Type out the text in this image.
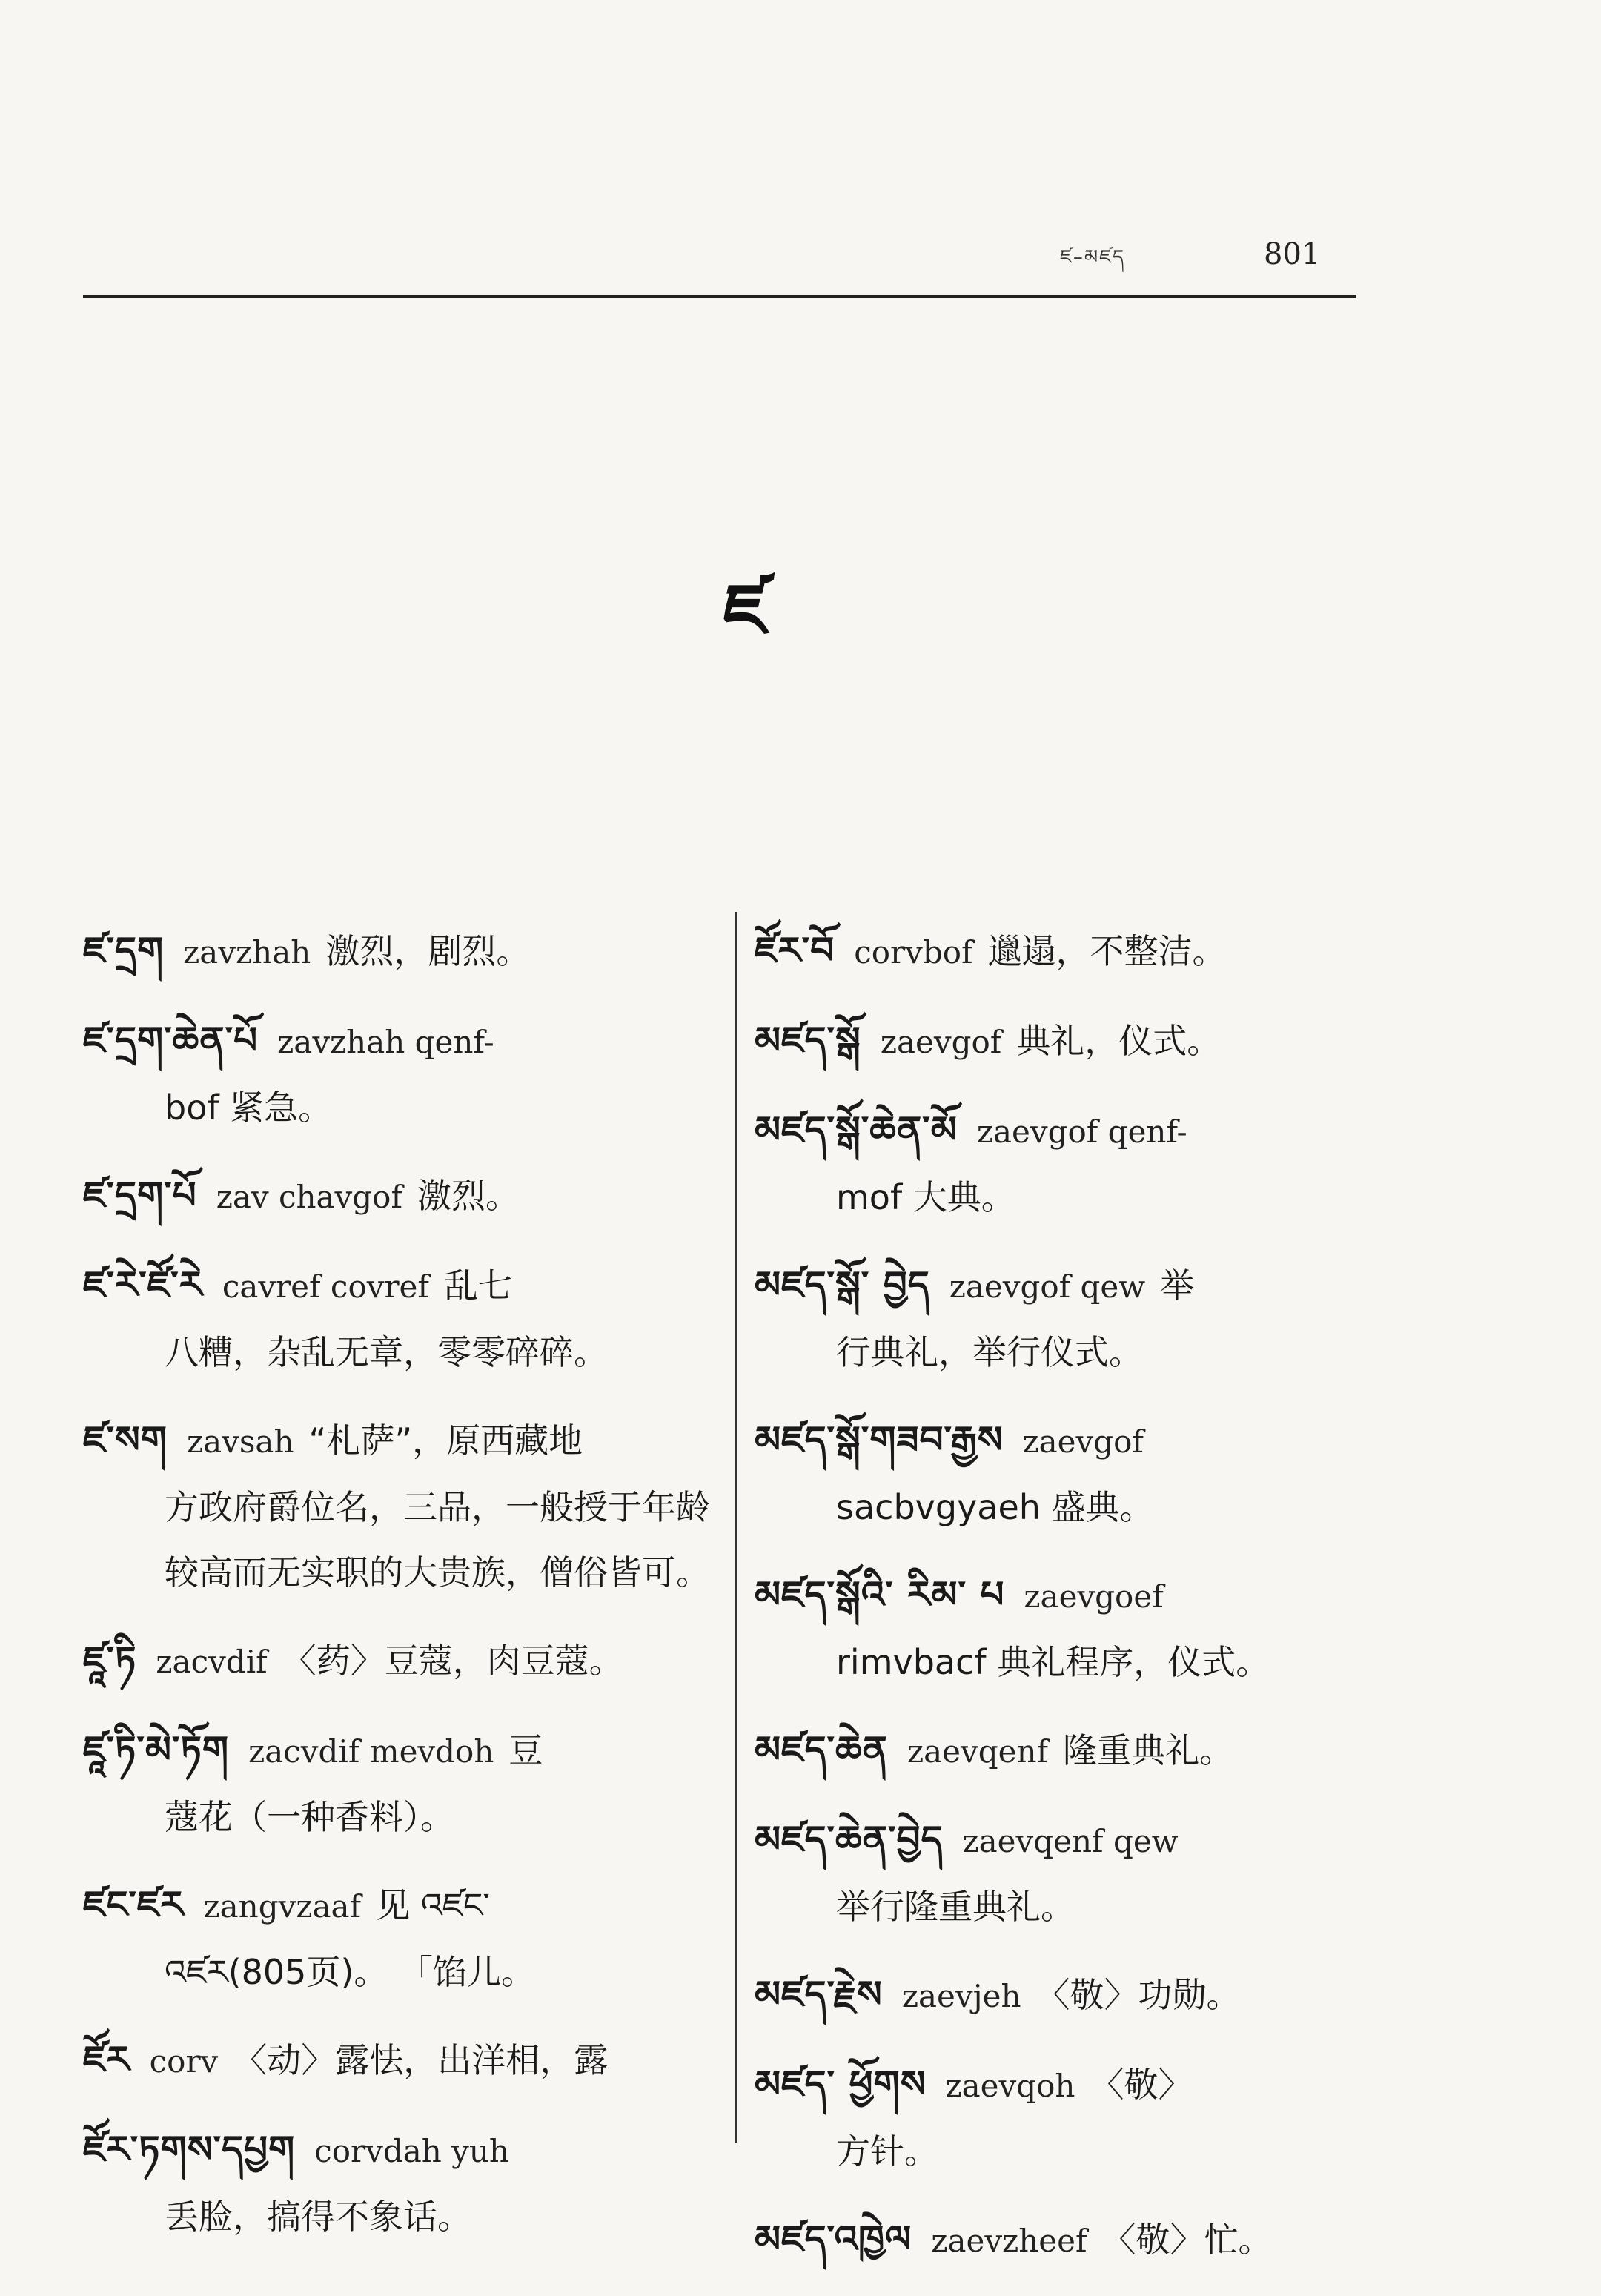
ཛ–མཛད	801
ཛ
ཛ་དྲག zavzhah 激烈，剧烈。
ཛ་དྲག་ཆེན་པོ zavzhah qenf-
bof 紧急。
ཛ་དྲག་པོ zav chavgof 激烈。
ཛ་རེ་ཛོ་རེ cavref covref 乱七
八糟，杂乱无章，零零碎碎。
ཛ་སག zavsah “札萨”，原西藏地
方政府爵位名，三品，一般授于年龄较高而无实职的大贵族，僧俗皆可。
ཛཱ་ཏི zacvdif 〈药〉豆蔻，肉豆蔻。
ཛཱ་ཏི་མེ་ཏོག zacvdif mevdoh 豆
蔻花（一种香料）。
ཛང་ཛར zangvzaaf 见 འཛང་
འཛར(805页)。 「馅儿。
ཛོར corv 〈动〉露怯，出洋相，露
ཛོར་ཏགས་དཔྱག corvdah yuh
丢脸，搞得不象话。
ཛོར་བོ corvbof 邋遢，不整洁。
མཛད་སྒོ zaevgof 典礼，仪式。
མཛད་སྒོ་ཆེན་མོ zaevgof qenf-
mof 大典。
མཛད་སྒོ་ བྱེད zaevgof qew 举
行典礼，举行仪式。
མཛད་སྒོ་གཟབ་རྒྱས zaevgof
sacbvgyaeh 盛典。
མཛད་སྒོའི་ རིམ་ པ zaevgoef
rimvbacf 典礼程序，仪式。
མཛད་ཆེན zaevqenf 隆重典礼。
མཛད་ཆེན་བྱེད zaevqenf qew
举行隆重典礼。
མཛད་རྗེས zaevjeh 〈敬〉功勋。
མཛད་ ཕྱོགས zaevqoh 〈敬〉
方针。
མཛད་འཁྱེལ zaevzheef 〈敬〉忙。
